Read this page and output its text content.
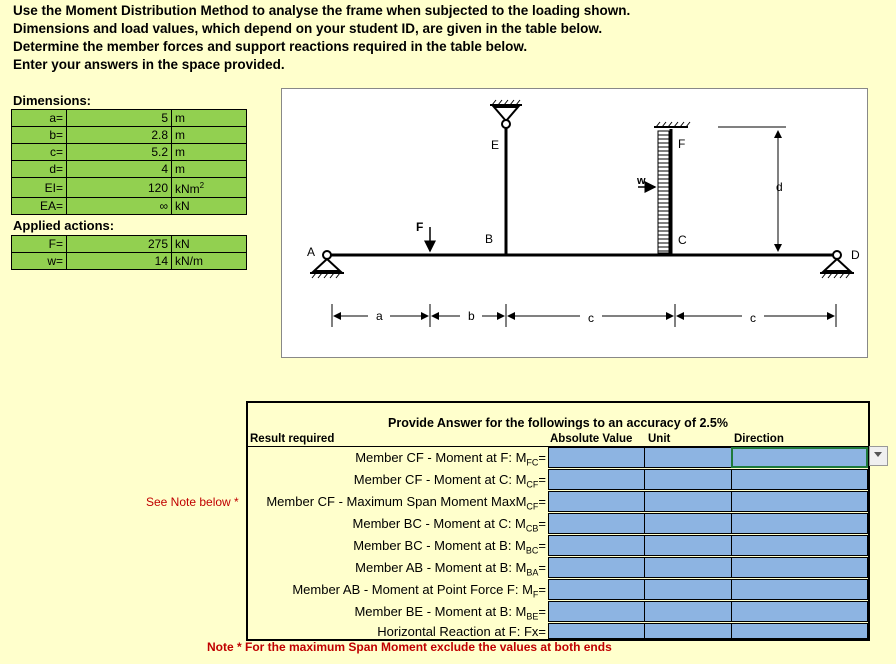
Use the Moment Distribution Method to analyse the frame when subjected to the loading shown.
Dimensions and load values, which depend on your student ID, are given in the table below.
Determine the member forces and support reactions required in the table below.
Enter your answers in the space provided.
Dimensions:
a=	5	m
b=	2.8	m
c=	5.2	m
d=	4	m
EI=	120	kNm$^2$
EA=	∞	kN
Applied actions:
F=	275	kN
w=	14	kN/m
F
w	d
A
B	C
D
E	F
a	b	c	c
Provide Answer for the followings to an accuracy of 2.5%
Result required	Absolute Value Unit	Direction
Member CF - Moment at F: $M_{FC}=$
Member CF - Moment at C: $M_{CF}=$
Member CF - Maximum Span Moment MaxM$_{CF}$=
Member BC - Moment at C: $M_{CB}=$
Member BC - Moment at B: $M_{BC}=$
Member AB - Moment at B: $M_{BA}=$
Member AB - Moment at Point Force F: $M_F=$
Member BE - Moment at B: $M_{BE}=$
Horizontal Reaction at F: Fx=
See Note below *
Note * For the maximum Span Moment exclude the values at both ends
